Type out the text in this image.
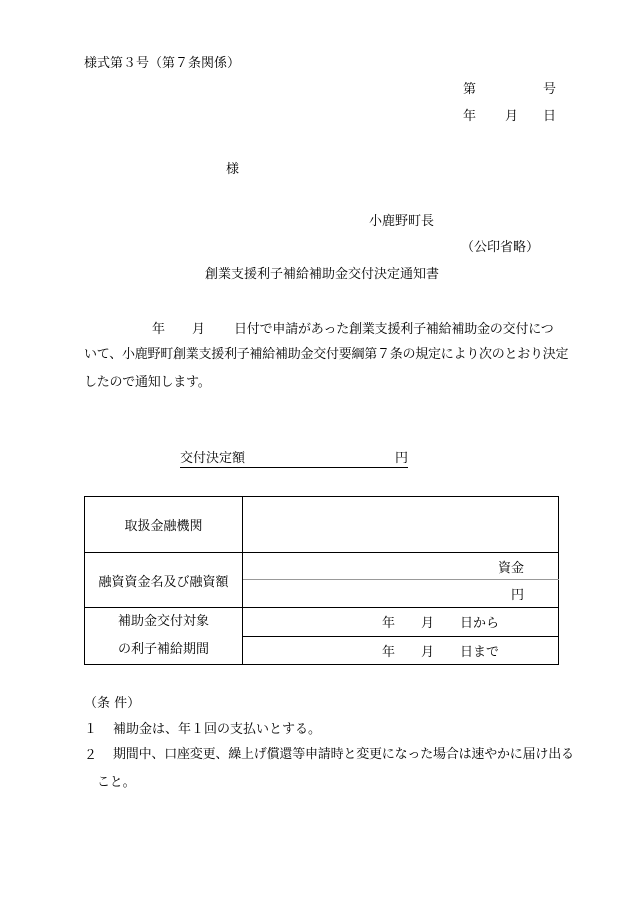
様式第３号（第７条関係）
第	号
年 月 日
様
小鹿野町長
（公印省略）
創業支援利子補給補助金交付決定通知書
年 月 日付で申請があった創業支援利子補給補助金の交付につ
いて、小鹿野町創業支援利子補給補助金交付要綱第７条の規定により次のとおり決定したので通知します。
交付決定額	円
取扱金融機関	
融資資金名及び融資額	資金
	円
補助金交付対象
の利子補給期間	年　　月　　日から
	年　　月　　日まで
（条 件）
１ 補助金は、年１回の支払いとする。
２	期間中、口座変更、繰上げ償還等申請時と変更になった場合は速やかに届け出ること。
